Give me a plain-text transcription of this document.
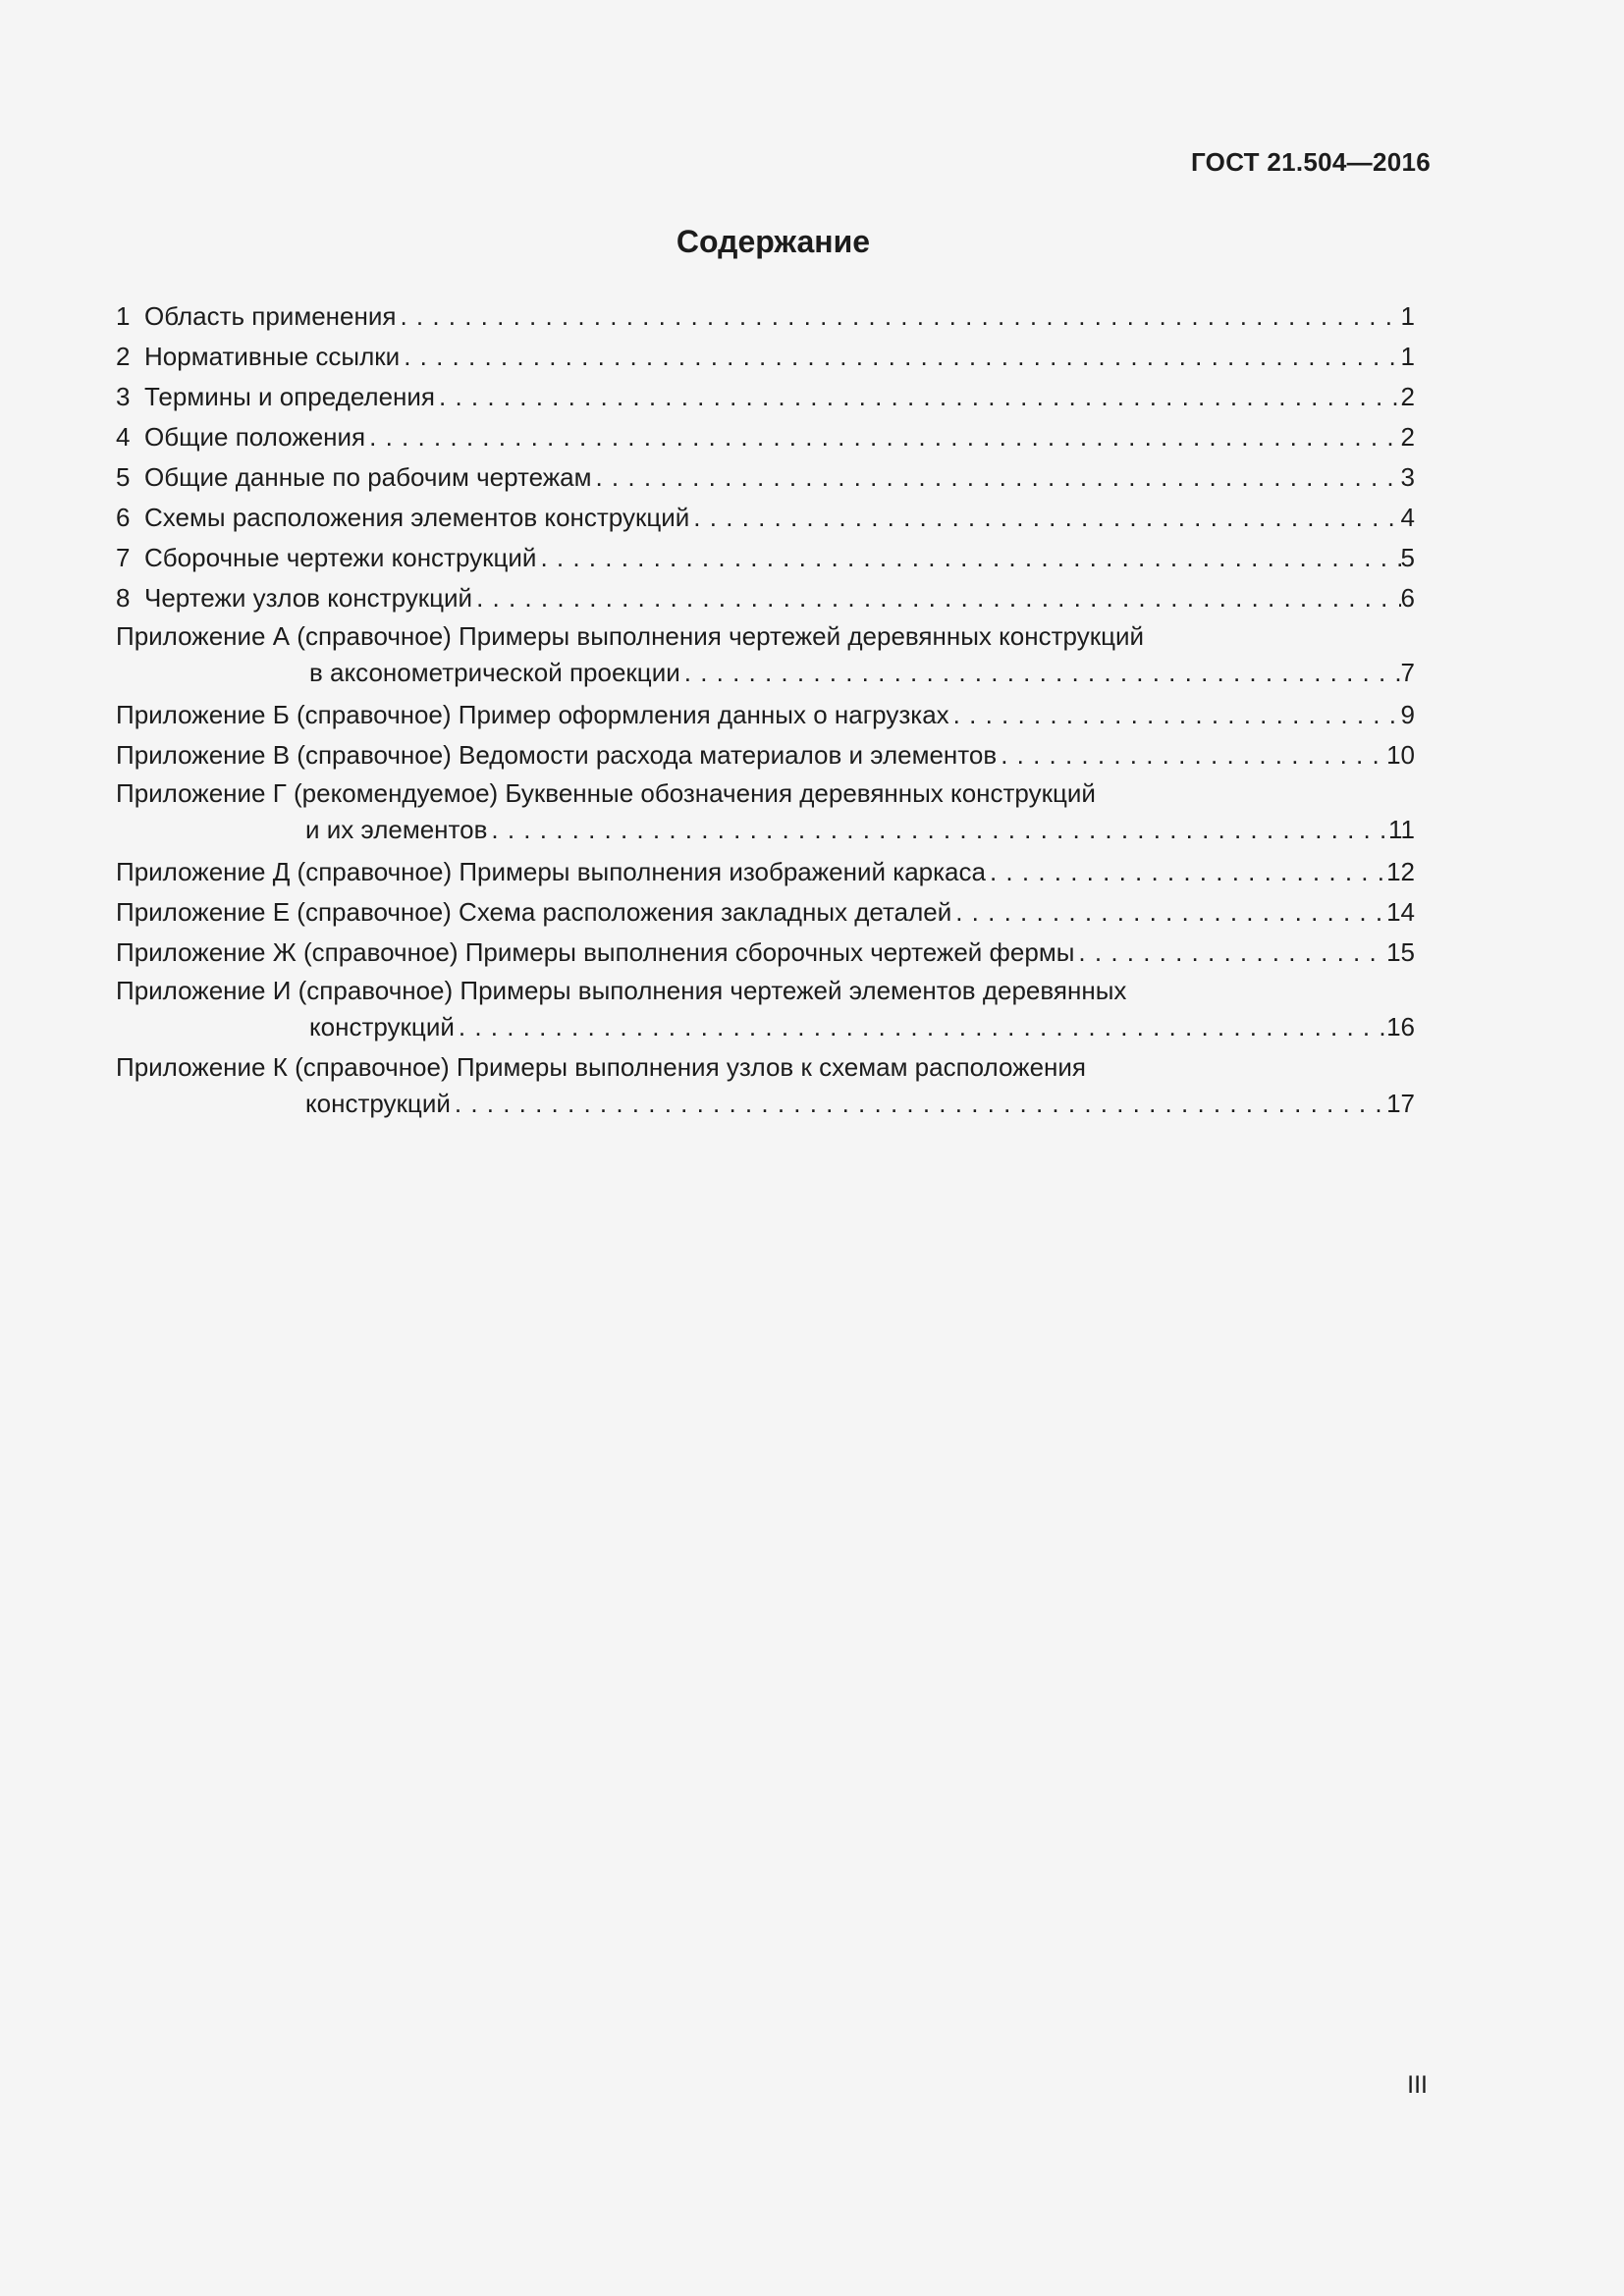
ГОСТ 21.504—2016
Содержание
1 Область применения . . .	1
2 Нормативные ссылки . . .	1
3 Термины и определения . . .	2
4 Общие положения . . .	2
5 Общие данные по рабочим чертежам . . .	3
6 Схемы расположения элементов конструкций . . .	4
7 Сборочные чертежи конструкций . . .	5
8 Чертежи узлов конструкций . . .	6
Приложение А (справочное) Примеры выполнения чертежей деревянных конструкций
в аксонометрической проекции . . .	7
Приложение Б (справочное) Пример оформления данных о нагрузках . . .	9
Приложение В (справочное) Ведомости расхода материалов и элементов . . .	10
Приложение Г (рекомендуемое) Буквенные обозначения деревянных конструкций
и их элементов . . .	11
Приложение Д (справочное) Примеры выполнения изображений каркаса . . .	12
Приложение Е (справочное) Схема расположения закладных деталей . . .	14
Приложение Ж (справочное) Примеры выполнения сборочных чертежей фермы . . .	15
Приложение И (справочное) Примеры выполнения чертежей элементов деревянных
конструкций . . .	16
Приложение К (справочное) Примеры выполнения узлов к схемам расположения
конструкций . . .	17
III
